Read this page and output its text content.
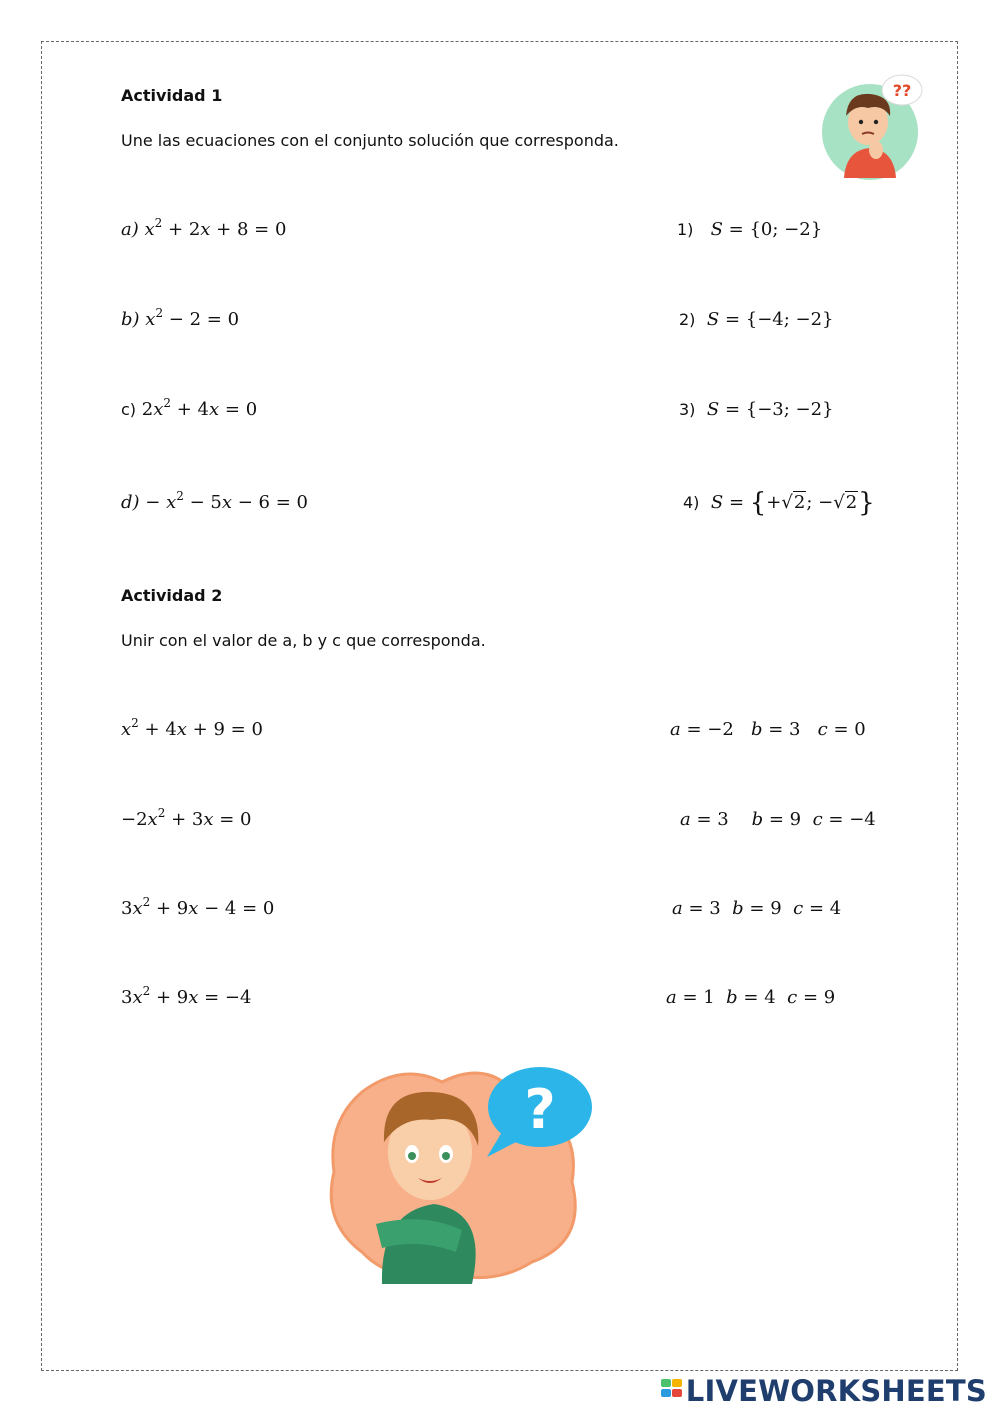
??
Actividad 1
Une las ecuaciones con el conjunto solución que corresponda.
a) $x^2 + 2x + 8 = 0$
b) $x^2 - 2 = 0$
c) $2x^2 + 4x = 0$
$d) - x^2 - 5x - 6 = 0$
1) S = {0; −2}
2) S = {−4; −2}
3) S = {−3; −2}
4) S = {+√2; −√2}
Actividad 2
Unir con el valor de a, b y c que corresponda.
$x^2 + 4x + 9 = 0$
$-2x^2 + 3x = 0$
$3x^2 + 9x - 4 = 0$
$3x^2 + 9x = -4$
a = −2 b = 3 c = 0
a = 3 b = 9 c = −4
a = 3 b = 9 c = 4
a = 1 b = 4 c = 9
?
LIVEWORKSHEETS
